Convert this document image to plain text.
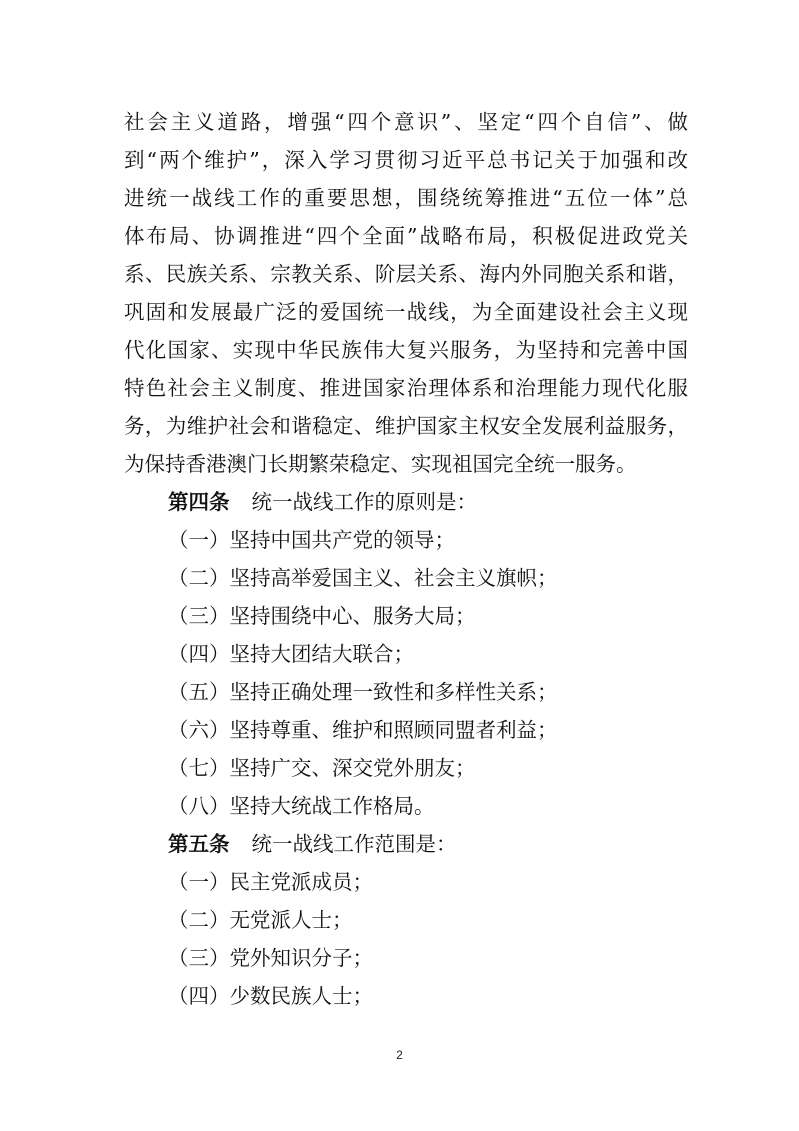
社会主义道路，增强“四个意识”、坚定“四个自信”、做
到“两个维护”，深入学习贯彻习近平总书记关于加强和改
进统一战线工作的重要思想，围绕统筹推进“五位一体”总
体布局、协调推进“四个全面”战略布局，积极促进政党关
系、民族关系、宗教关系、阶层关系、海内外同胞关系和谐，
巩固和发展最广泛的爱国统一战线，为全面建设社会主义现
代化国家、实现中华民族伟大复兴服务，为坚持和完善中国
特色社会主义制度、推进国家治理体系和治理能力现代化服
务，为维护社会和谐稳定、维护国家主权安全发展利益服务，
为保持香港澳门长期繁荣稳定、实现祖国完全统一服务。
第四条 统一战线工作的原则是：
（一）坚持中国共产党的领导；
（二）坚持高举爱国主义、社会主义旗帜；
（三）坚持围绕中心、服务大局；
（四）坚持大团结大联合；
（五）坚持正确处理一致性和多样性关系；
（六）坚持尊重、维护和照顾同盟者利益；
（七）坚持广交、深交党外朋友；
（八）坚持大统战工作格局。
第五条 统一战线工作范围是：
（一）民主党派成员；
（二）无党派人士；
（三）党外知识分子；
（四）少数民族人士；
2
